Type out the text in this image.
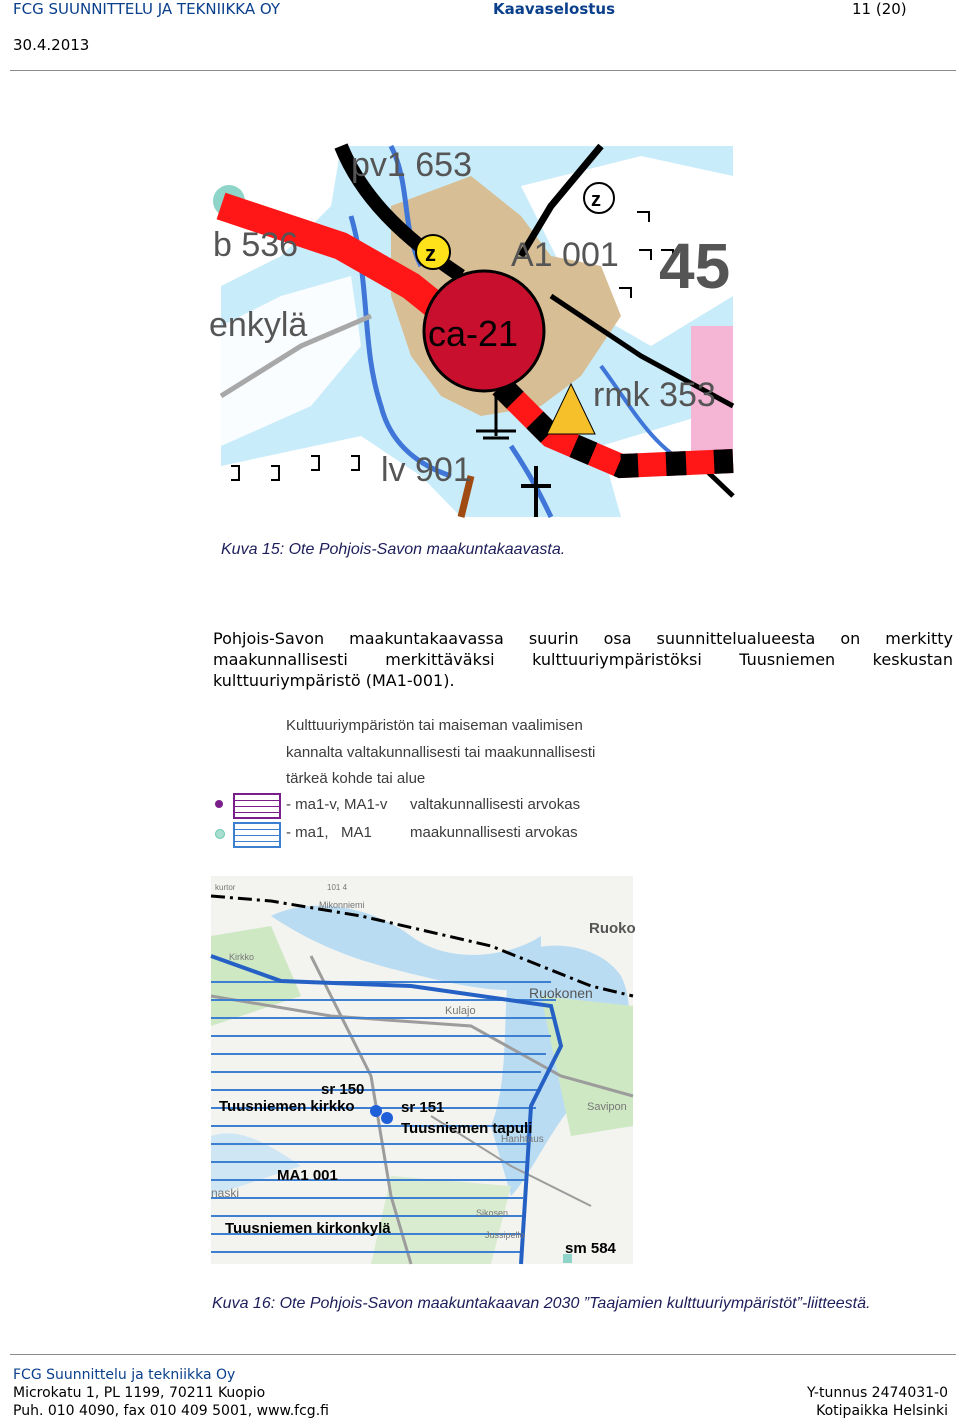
FCG SUUNNITTELU JA TEKNIIKKA OY	Kaavaselostus	11 (20)
30.4.2013
pv1 653
b 536	A1 001 45
enkylä	ca-21
rmk 353
lv 901
z
z
Kuva 15: Ote Pohjois-Savon maakuntakaavasta.
Pohjois-Savon maakuntakaavassa suurin osa suunnittelualueesta on merkitty maakunnallisesti merkittäväksi kulttuuriympäristöksi Tuusniemen keskustan kulttuuriympäristö (MA1-001).
Kulttuuriympäristön tai maiseman vaalimisen
kannalta valtakunnallisesti tai maakunnallisesti
tärkeä kohde tai alue
- ma1-v, MA1-v valtakunnallisesti arvokas
- ma1,   MA1	maakunnallisesti arvokas
sr 150
Tuusniemen kirkko	sr 151
Tuusniemen tapuli
MA1 001
Tuusniemen kirkonkylä
sm 584
Ruoko
Ruokonen
Mikonniemi
Kirkko
Kulajo
Savipon
Hanhtaus
naski
Sikosen
Jussipello
101 4
kurtor
Kuva 16: Ote Pohjois-Savon maakuntakaavan 2030 ”Taajamien kulttuuriympäristöt”-liitteestä.
FCG Suunnittelu ja tekniikka Oy
Microkatu 1, PL 1199, 70211 Kuopio
Puh. 010 4090, fax 010 409 5001, www.fcg.fi
Y-tunnus 2474031-0
Kotipaikka Helsinki
